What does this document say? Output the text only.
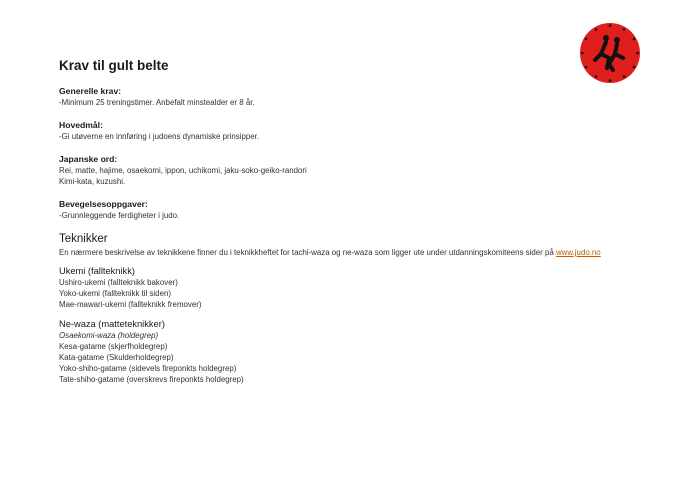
Krav til gult belte

Generelle krav:

-Minimum 25 treningstimer. Anbefalt minstealder er 8 år.

Hovedmål:

-Gi utøverne en innføring i judoens dynamiske prinsipper.

Japanske ord:

Rei, matte, hajime, osaekomi, ippon, uchikomi, jaku-soko-geiko-randori

Kimi-kata, kuzushi.

Bevegelsesoppgaver:

-Grunnleggende ferdigheter i judo.

Teknikker

En nærmere beskrivelse av teknikkene finner du i teknikkheftet for tachi-waza og ne-waza som ligger ute under utdanningskomiteens sider på www.judo.no

Ukemi (fallteknikk)

Ushiro-ukemi (fallteknikk bakover)

Yoko-ukemi (fallteknikk til siden)

Mae-mawari-ukemi (fallteknikk fremover)

Ne-waza (matteteknikker)

Osaekomi-waza (holdegrep)

Kesa-gatame (skjerfholdegrep)

Kata-gatame (Skulderholdegrep)

Yoko-shiho-gatame (sidevels fireponkts holdegrep)

Tate-shiho-gatame (overskrevs fireponkts holdegrep)
